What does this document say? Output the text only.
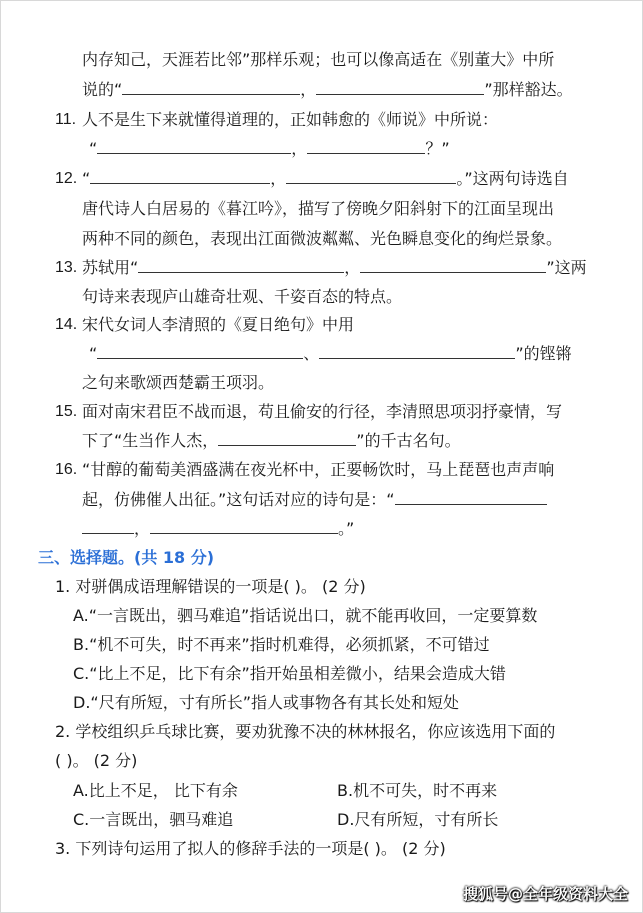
内存知己，天涯若比邻”那样乐观；也可以像高适在《别董大》中所
说的“	，	”那样豁达。
11. 人不是生下来就懂得道理的，正如韩愈的《师说》中所说：
“	，	？”
12. “	，	。”这两句诗选自
唐代诗人白居易的《暮江吟》，描写了傍晚夕阳斜射下的江面呈现出
两种不同的颜色，表现出江面微波粼粼、光色瞬息变化的绚烂景象。
13. 苏轼用“	，	”这两
句诗来表现庐山雄奇壮观、千姿百态的特点。
14. 宋代女词人李清照的《夏日绝句》中用
“	、	”的铿锵
之句来歌颂西楚霸王项羽。
15. 面对南宋君臣不战而退，苟且偷安的行径，李清照思项羽抒豪情，写
下了“生当作人杰，	”的千古名句。
16. “甘醇的葡萄美酒盛满在夜光杯中，正要畅饮时，马上琵琶也声声响
起，仿佛催人出征。”这句话对应的诗句是：“
，	。”
三、选择题。(共 18 分)
1. 对骈偶成语理解错误的一项是( )。 (2 分)
A.“一言既出，驷马难追”指话说出口，就不能再收回，一定要算数
B.“机不可失，时不再来”指时机难得，必须抓紧，不可错过
C.“比上不足，比下有余”指开始虽相差微小，结果会造成大错
D.“尺有所短，寸有所长”指人或事物各有其长处和短处
2. 学校组织乒乓球比赛，要劝犹豫不决的林林报名，你应该选用下面的
( )。 (2 分)
A.比上不足， 比下有余	B.机不可失，时不再来
C.一言既出，驷马难追	D.尺有所短，寸有所长
3. 下列诗句运用了拟人的修辞手法的一项是( )。 (2 分)
搜狐号@全年级资料大全
